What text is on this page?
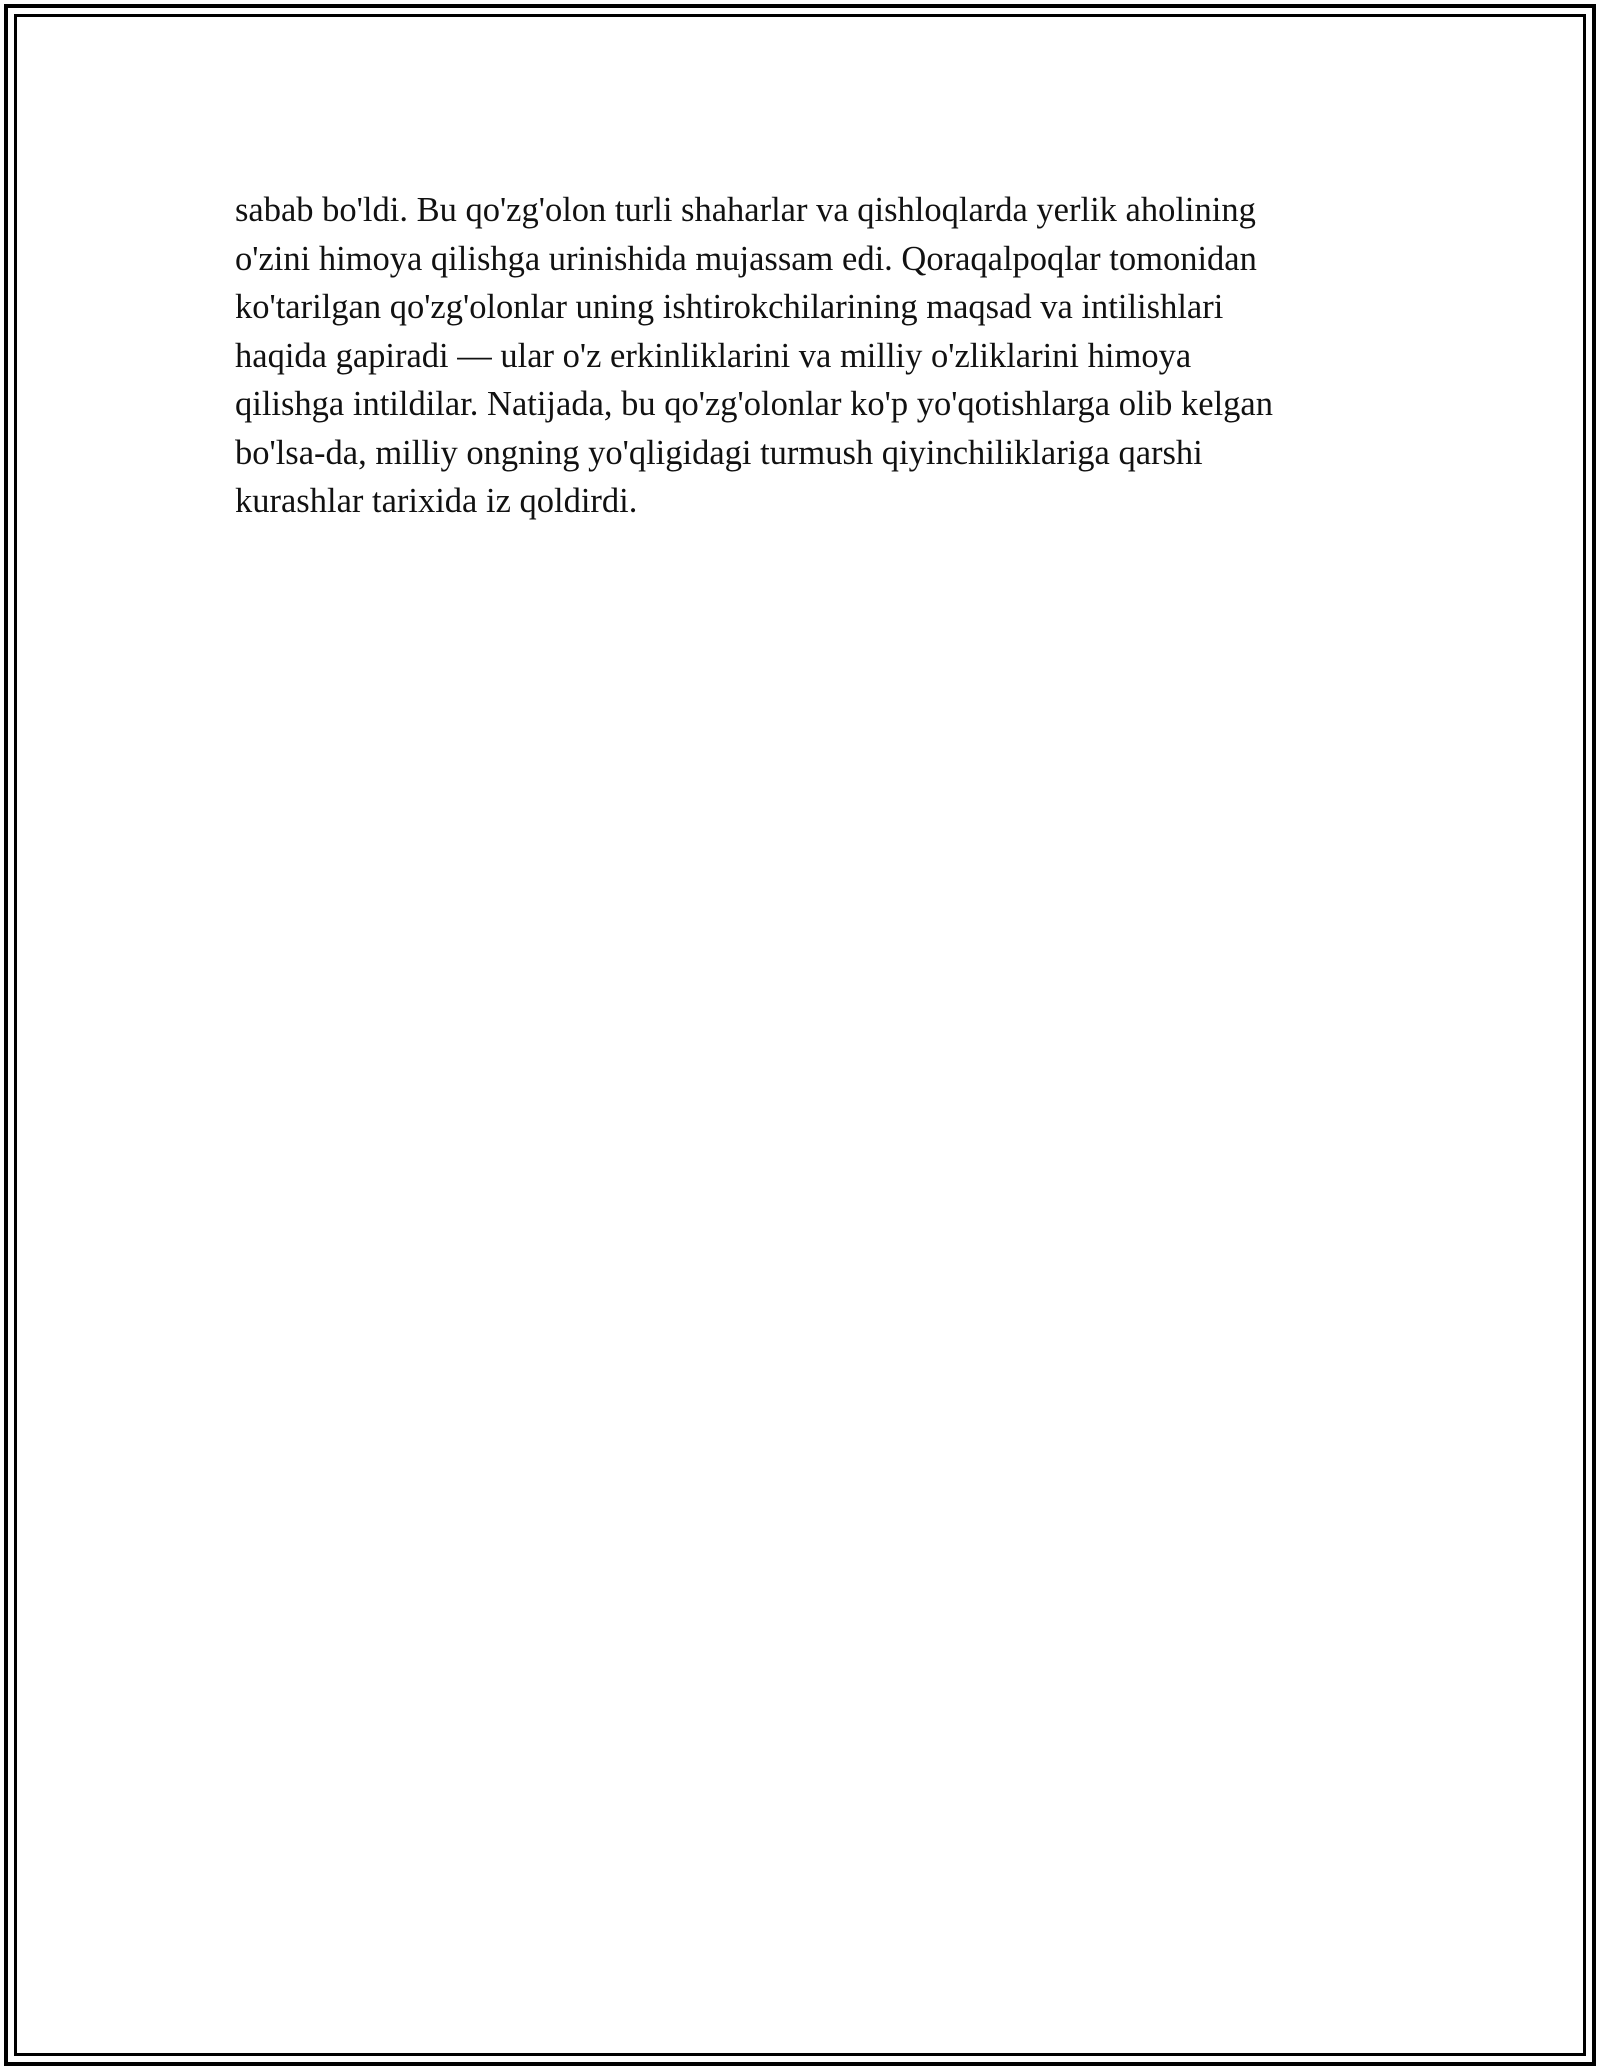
sabab bo'ldi. Bu qo'zg'olon turli shaharlar va qishloqlarda yerlik aholining
o'zini himoya qilishga urinishida mujassam edi. Qoraqalpoqlar tomonidan
ko'tarilgan qo'zg'olonlar uning ishtirokchilarining maqsad va intilishlari
haqida gapiradi — ular o'z erkinliklarini va milliy o'zliklarini himoya
qilishga intildilar. Natijada, bu qo'zg'olonlar ko'p yo'qotishlarga olib kelgan
bo'lsa-da, milliy ongning yo'qligidagi turmush qiyinchiliklariga qarshi
kurashlar tarixida iz qoldirdi.
